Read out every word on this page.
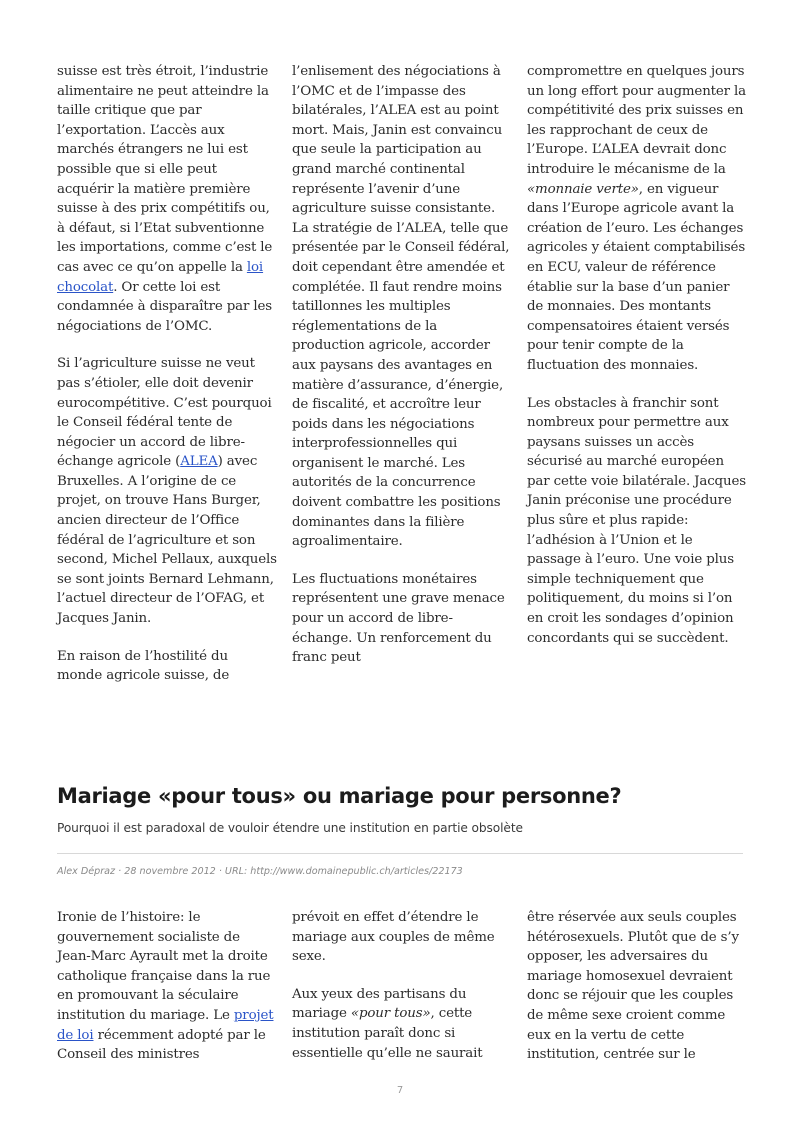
suisse est très étroit, l’industrie alimentaire ne peut atteindre la taille critique que par l’exportation. L’accès aux marchés étrangers ne lui est possible que si elle peut acquérir la matière première suisse à des prix compétitifs ou, à défaut, si l’Etat subventionne les importations, comme c’est le cas avec ce qu’on appelle la loi chocolat. Or cette loi est condamnée à disparaître par les négociations de l’OMC.

Si l’agriculture suisse ne veut pas s’étioler, elle doit devenir eurocompétitive. C’est pourquoi le Conseil fédéral tente de négocier un accord de libre-échange agricole (ALEA) avec Bruxelles. A l’origine de ce projet, on trouve Hans Burger, ancien directeur de l’Office fédéral de l’agriculture et son second, Michel Pellaux, auxquels se sont joints Bernard Lehmann, l’actuel directeur de l’OFAG, et Jacques Janin.

En raison de l’hostilité du monde agricole suisse, de

l’enlisement des négociations à l’OMC et de l’impasse des bilatérales, l’ALEA est au point mort. Mais, Janin est convaincu que seule la participation au grand marché continental représente l’avenir d’une agriculture suisse consistante. La stratégie de l’ALEA, telle que présentée par le Conseil fédéral, doit cependant être amendée et complétée. Il faut rendre moins tatillonnes les multiples réglementations de la production agricole, accorder aux paysans des avantages en matière d’assurance, d’énergie, de fiscalité, et accroître leur poids dans les négociations interprofessionnelles qui organisent le marché. Les autorités de la concurrence doivent combattre les positions dominantes dans la filière agroalimentaire.

Les fluctuations monétaires représentent une grave menace pour un accord de libre-échange. Un renforcement du franc peut

compromettre en quelques jours un long effort pour augmenter la compétitivité des prix suisses en les rapprochant de ceux de l’Europe. L’ALEA devrait donc introduire le mécanisme de la «monnaie verte», en vigueur dans l’Europe agricole avant la création de l’euro. Les échanges agricoles y étaient comptabilisés en ECU, valeur de référence établie sur la base d’un panier de monnaies. Des montants compensatoires étaient versés pour tenir compte de la fluctuation des monnaies.

Les obstacles à franchir sont nombreux pour permettre aux paysans suisses un accès sécurisé au marché européen par cette voie bilatérale. Jacques Janin préconise une procédure plus sûre et plus rapide: l’adhésion à l’Union et le passage à l’euro. Une voie plus simple techniquement que politiquement, du moins si l’on en croit les sondages d’opinion concordants qui se succèdent.

Mariage «pour tous» ou mariage pour personne?
Pourquoi il est paradoxal de vouloir étendre une institution en partie obsolète
Alex Dépraz · 28 novembre 2012 · URL: http://www.domainepublic.ch/articles/22173

Ironie de l’histoire: le gouvernement socialiste de Jean-Marc Ayrault met la droite catholique française dans la rue en promouvant la séculaire institution du mariage. Le projet de loi récemment adopté par le Conseil des ministres

prévoit en effet d’étendre le mariage aux couples de même sexe.

Aux yeux des partisans du mariage «pour tous», cette institution paraît donc si essentielle qu’elle ne saurait

être réservée aux seuls couples hétérosexuels. Plutôt que de s’y opposer, les adversaires du mariage homosexuel devraient donc se réjouir que les couples de même sexe croient comme eux en la vertu de cette institution, centrée sur le

7
